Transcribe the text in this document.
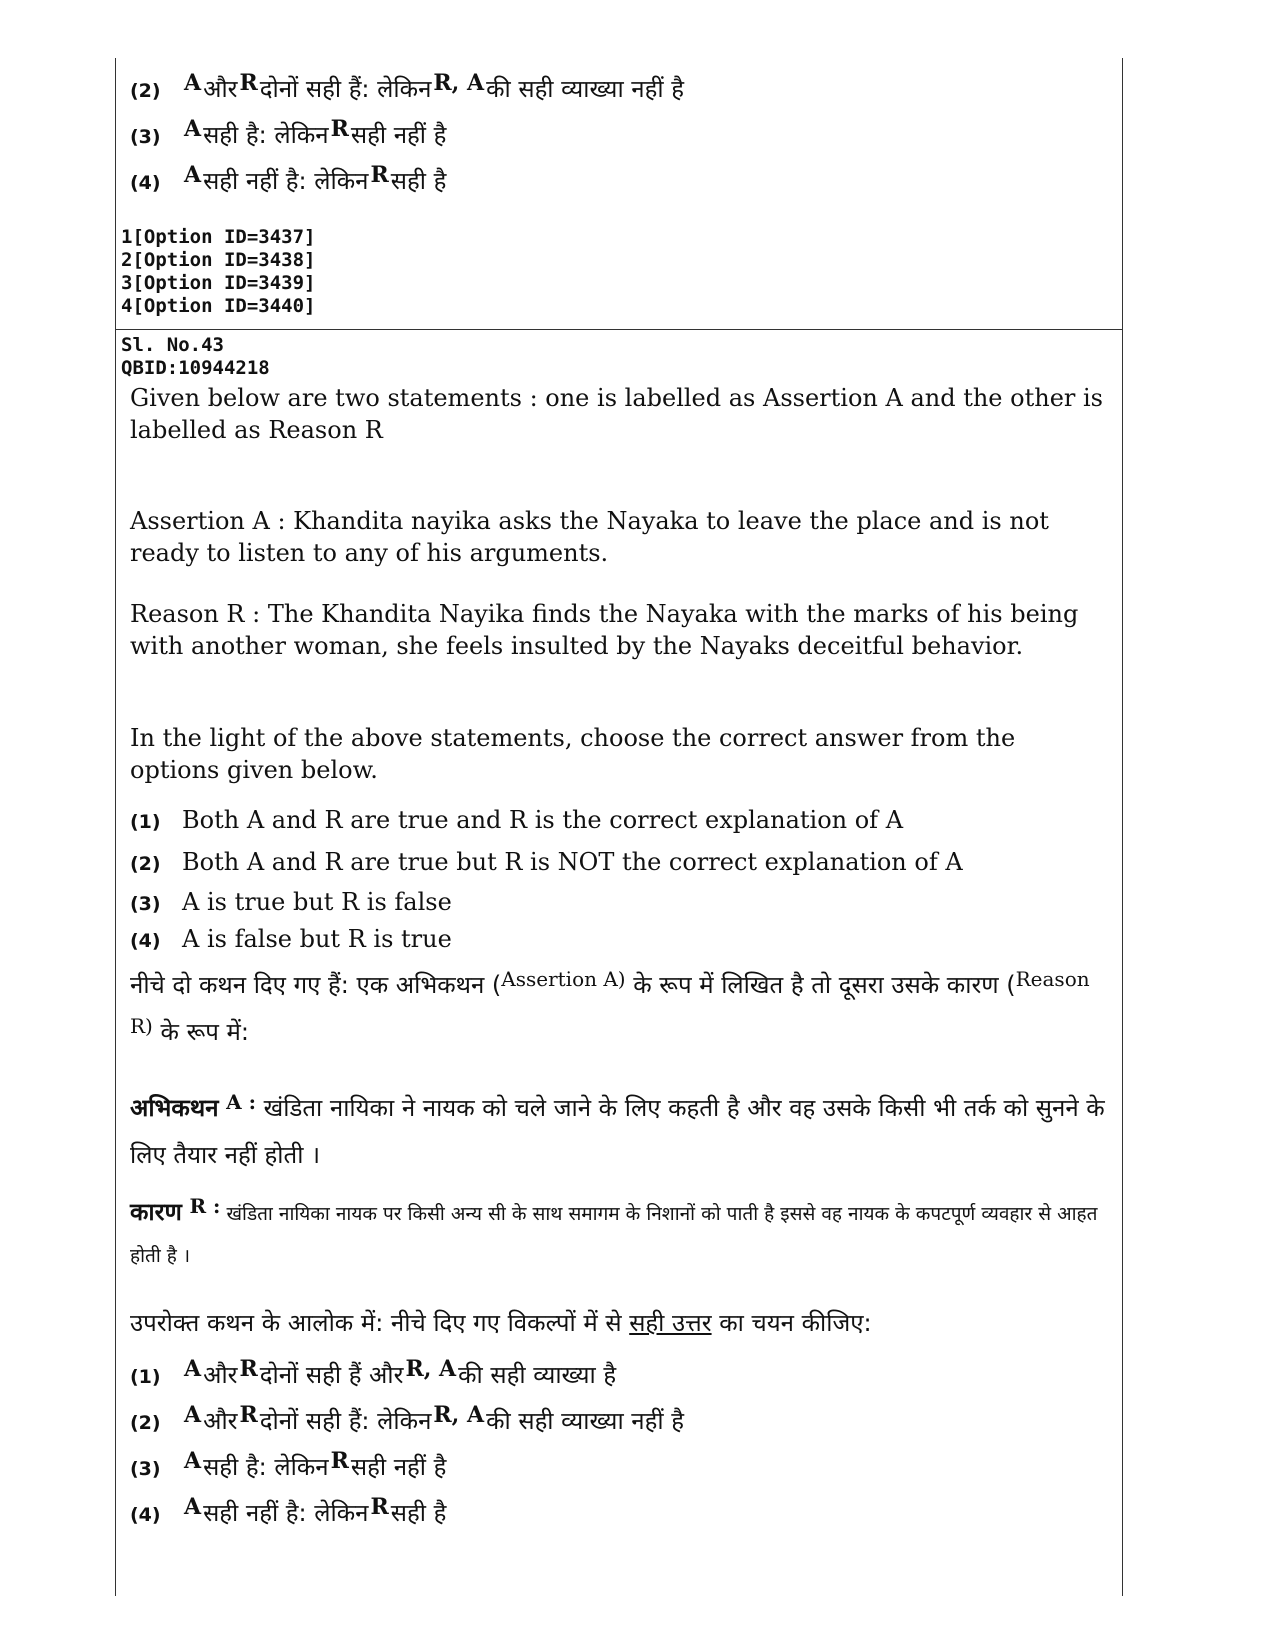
(2)	A और R दोनों सही हैं: लेकिन R, A की सही व्याख्या नहीं है
(3)	A सही है: लेकिन R सही नहीं है
(4)	A सही नहीं है: लेकिन R सही है
1[Option ID=3437]
2[Option ID=3438]
3[Option ID=3439]
4[Option ID=3440]
Sl. No.43
QBID:10944218
Given below are two statements : one is labelled as Assertion A and the other is labelled as Reason R
Assertion A : Khandita nayika asks the Nayaka to leave the place and is not ready to listen to any of his arguments.
Reason R : The Khandita Nayika finds the Nayaka with the marks of his being with another woman, she feels insulted by the Nayaks deceitful behavior.
In the light of the above statements, choose the correct answer from the options given below.
(1) Both A and R are true and R is the correct explanation of A
(2) Both A and R are true but R is NOT the correct explanation of A
(3) A is true but R is false
(4) A is false but R is true
नीचे दो कथन दिए गए हैं: एक अभिकथन ($^{Assertion A)}$ के रूप में लिखित है तो दूसरा उसके कारण ($^{Reason R)}$ के रूप में:
अभिकथन $^{A :}$ खंडिता नायिका ने नायक को चले जाने के लिए कहती है और वह उसके किसी भी तर्क को सुनने के लिए तैयार नहीं होती ।
कारण $^{R :}$ खंडिता नायिका नायक पर किसी अन्य सी के साथ समागम के निशानों को पाती है इससे वह नायक के कपटपूर्ण व्यवहार से आहत होती है ।
उपरोक्त कथन के आलोक में: नीचे दिए गए विकल्पों में से सही उत्तर का चयन कीजिए:
(1)	A और R दोनों सही हैं और R, A की सही व्याख्या है
(2)	A और R दोनों सही हैं: लेकिन R, A की सही व्याख्या नहीं है
(3)	A सही है: लेकिन R सही नहीं है
(4)	A सही नहीं है: लेकिन R सही है
